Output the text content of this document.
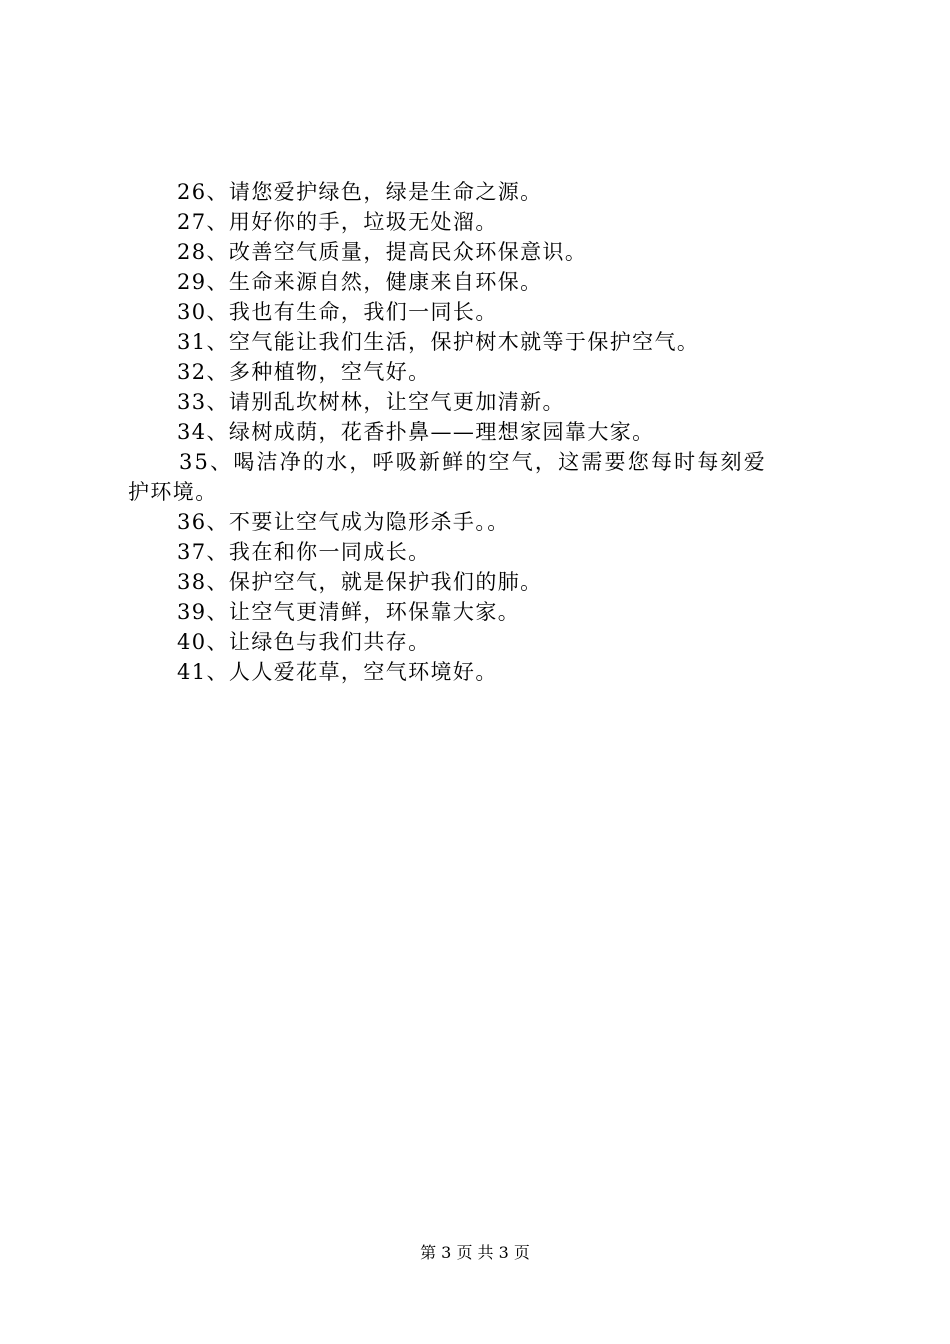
26、请您爱护绿色，绿是生命之源。
27、用好你的手，垃圾无处溜。
28、改善空气质量，提高民众环保意识。
29、生命来源自然，健康来自环保。
30、我也有生命，我们一同长。
31、空气能让我们生活，保护树木就等于保护空气。
32、多种植物，空气好。
33、请别乱坎树林，让空气更加清新。
34、绿树成荫，花香扑鼻——理想家园靠大家。
35、喝洁净的水，呼吸新鲜的空气，这需要您每时每刻爱
护环境。
36、不要让空气成为隐形杀手。。
37、我在和你一同成长。
38、保护空气，就是保护我们的肺。
39、让空气更清鲜，环保靠大家。
40、让绿色与我们共存。
41、人人爱花草，空气环境好。
第 3 页 共 3 页
